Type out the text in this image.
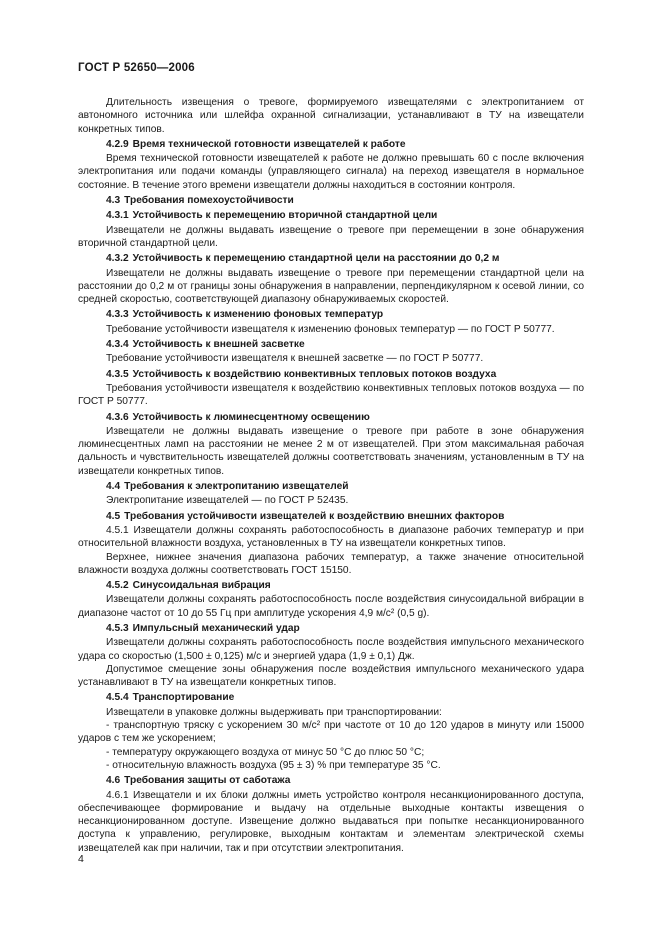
ГОСТ Р 52650—2006

Длительность извещения о тревоге, формируемого извещателями с электропитанием от автономного источника или шлейфа охранной сигнализации, устанавливают в ТУ на извещатели конкретных типов.

4.2.9 Время технической готовности извещателей к работе

Время технической готовности извещателей к работе не должно превышать 60 с после включения электропитания или подачи команды (управляющего сигнала) на переход извещателя в нормальное состояние. В течение этого времени извещатели должны находиться в состоянии контроля.

4.3 Требования помехоустойчивости
4.3.1 Устойчивость к перемещению вторичной стандартной цели

Извещатели не должны выдавать извещение о тревоге при перемещении в зоне обнаружения вторичной стандартной цели.

4.3.2 Устойчивость к перемещению стандартной цели на расстоянии до 0,2 м

Извещатели не должны выдавать извещение о тревоге при перемещении стандартной цели на расстоянии до 0,2 м от границы зоны обнаружения в направлении, перпендикулярном к осевой линии, со средней скоростью, соответствующей диапазону обнаруживаемых скоростей.

4.3.3 Устойчивость к изменению фоновых температур

Требование устойчивости извещателя к изменению фоновых температур — по ГОСТ Р 50777.

4.3.4 Устойчивость к внешней засветке

Требование устойчивости извещателя к внешней засветке — по ГОСТ Р 50777.

4.3.5 Устойчивость к воздействию конвективных тепловых потоков воздуха

Требования устойчивости извещателя к воздействию конвективных тепловых потоков воздуха — по ГОСТ Р 50777.

4.3.6 Устойчивость к люминесцентному освещению

Извещатели не должны выдавать извещение о тревоге при работе в зоне обнаружения люминесцентных ламп на расстоянии не менее 2 м от извещателей. При этом максимальная рабочая дальность и чувствительность извещателей должны соответствовать значениям, установленным в ТУ на извещатели конкретных типов.

4.4 Требования к электропитанию извещателей

Электропитание извещателей — по ГОСТ Р 52435.

4.5 Требования устойчивости извещателей к воздействию внешних факторов

4.5.1 Извещатели должны сохранять работоспособность в диапазоне рабочих температур и при относительной влажности воздуха, установленных в ТУ на извещатели конкретных типов.

Верхнее, нижнее значения диапазона рабочих температур, а также значение относительной влажности воздуха должны соответствовать ГОСТ 15150.

4.5.2 Синусоидальная вибрация

Извещатели должны сохранять работоспособность после воздействия синусоидальной вибрации в диапазоне частот от 10 до 55 Гц при амплитуде ускорения 4,9 м/с² (0,5 g).

4.5.3 Импульсный механический удар

Извещатели должны сохранять работоспособность после воздействия импульсного механического удара со скоростью (1,500 ± 0,125) м/с и энергией удара (1,9 ± 0,1) Дж.

Допустимое смещение зоны обнаружения после воздействия импульсного механического удара устанавливают в ТУ на извещатели конкретных типов.

4.5.4 Транспортирование

Извещатели в упаковке должны выдерживать при транспортировании:

- транспортную тряску с ускорением 30 м/с² при частоте от 10 до 120 ударов в минуту или 15000 ударов с тем же ускорением;

- температуру окружающего воздуха от минус 50 °С до плюс 50 °С;

- относительную влажность воздуха (95 ± 3) % при температуре 35 °С.

4.6 Требования защиты от саботажа

4.6.1 Извещатели и их блоки должны иметь устройство контроля несанкционированного доступа, обеспечивающее формирование и выдачу на отдельные выходные контакты извещения о несанкционированном доступе. Извещение должно выдаваться при попытке несанкционированного доступа к управлению, регулировке, выходным контактам и элементам электрической схемы извещателей как при наличии, так и при отсутствии электропитания.

4
